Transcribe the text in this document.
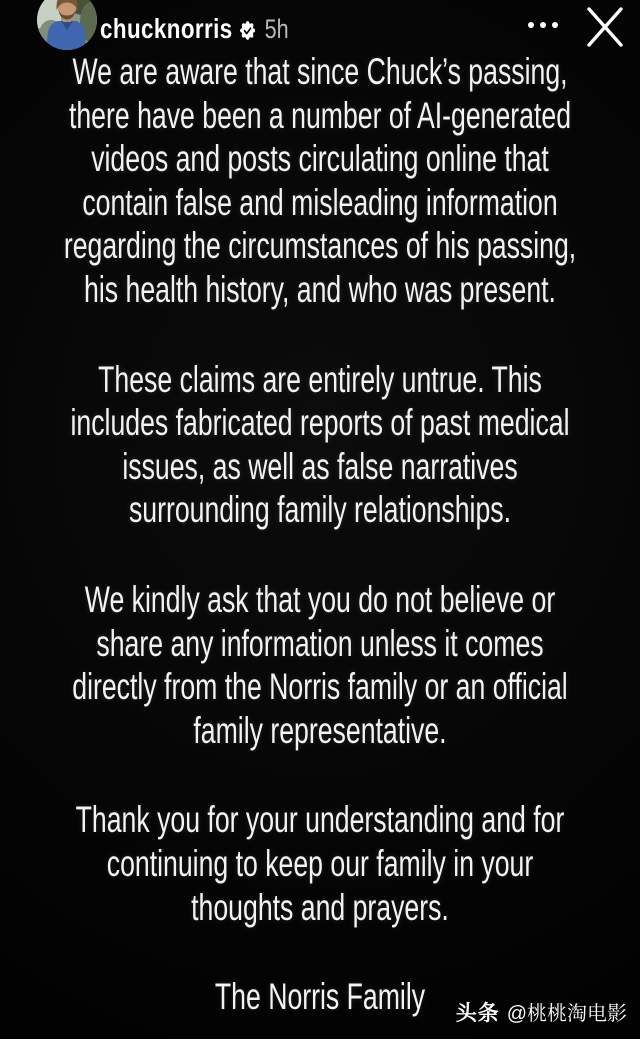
chucknorris 5h

We are aware that since Chuck’s passing,
there have been a number of AI-generated
videos and posts circulating online that
contain false and misleading information
regarding the circumstances of his passing,
his health history, and who was present.

These claims are entirely untrue. This
includes fabricated reports of past medical
issues, as well as false narratives
surrounding family relationships.

We kindly ask that you do not believe or
share any information unless it comes
directly from the Norris family or an official
family representative.

Thank you for your understanding and for
continuing to keep our family in your
thoughts and prayers.

The Norris Family	头条 @桃桃淘电影
